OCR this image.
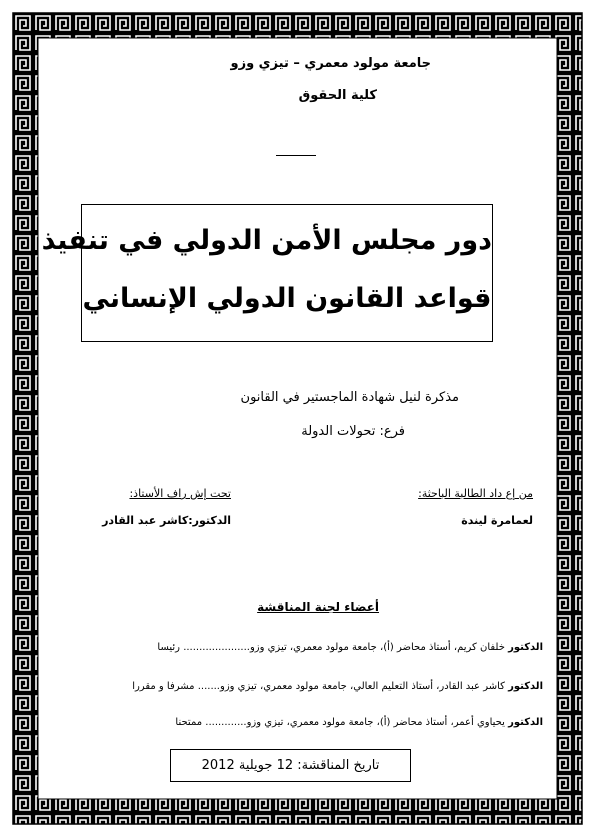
جامعة مولود معمري – تيزي وزو
كلية الحقوق
دور مجلس الأمن الدولي في تنفيذ
قواعد القانون الدولي الإنساني
مذكرة لنيل شهادة الماجستير في القانون
فرع: تحولات الدولة
من إع داد الطالبة الباحثة:
لعمامرة ليندة
تحت إش راف الأستاذ:
الدكتور:كاشر عبد القادر
أعضاء لجنة المناقشة
الدكتور خلفان كريم، أستاذ محاضر (أ)، جامعة مولود معمري، تيزي وزو..................... رئيسا
الدكتور كاشر عبد القادر، أستاذ التعليم العالي، جامعة مولود معمري، تيزي وزو....... مشرفا و مقررا
الدكتور يحياوي أعمر، أستاذ محاضر (أ)، جامعة مولود معمري، تيزي وزو............. ممتحنا
تاريخ المناقشة: 12 جويلية 2012
